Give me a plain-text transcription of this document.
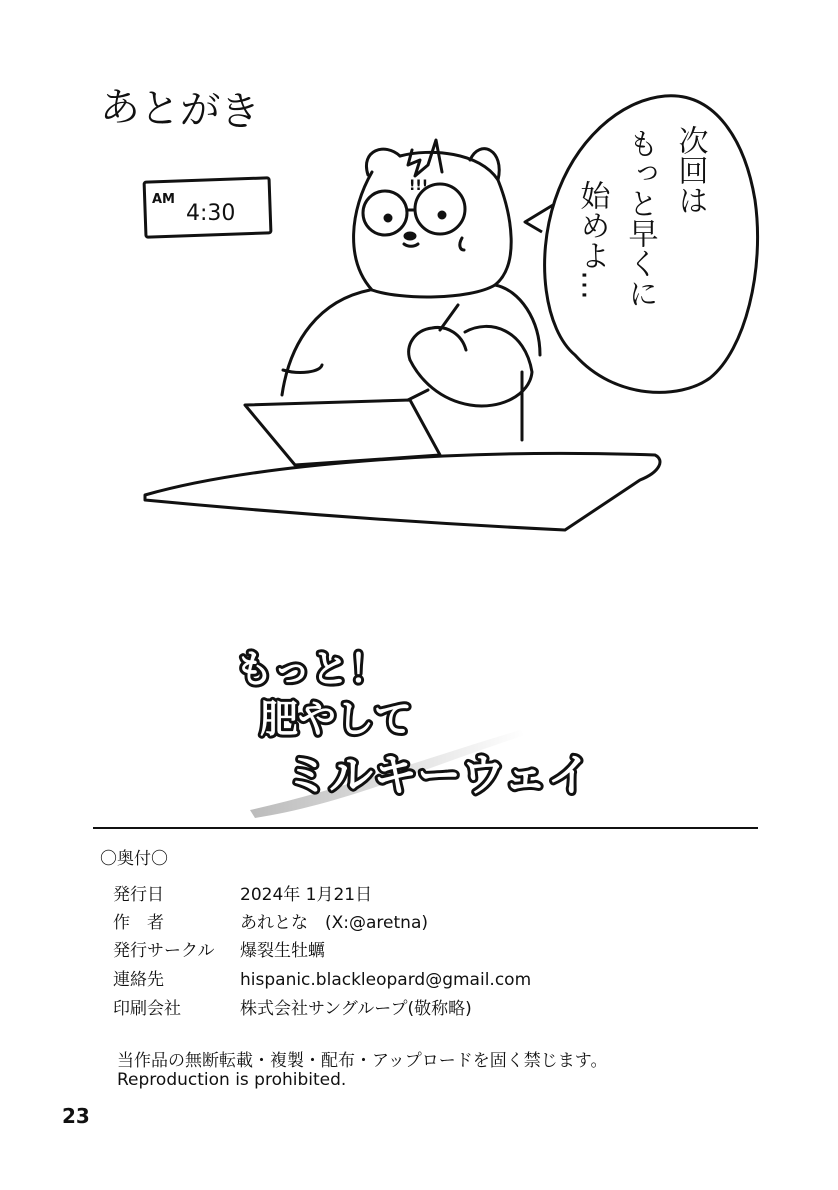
あとがき
AM
4:30	次回は
もっと早くに
始めよ…
!!!
もっと！
肥やして
ミルキーウェイ
〇奥付〇
発行日	2024年 1月21日
作　者	あれとな　(X:@aretna)
発行サークル 爆裂生牡蠣
連絡先	hispanic.blackleopard@gmail.com
印刷会社	株式会社サングループ(敬称略)
当作品の無断転載・複製・配布・アップロードを固く禁じます。
Reproduction is prohibited.
23
